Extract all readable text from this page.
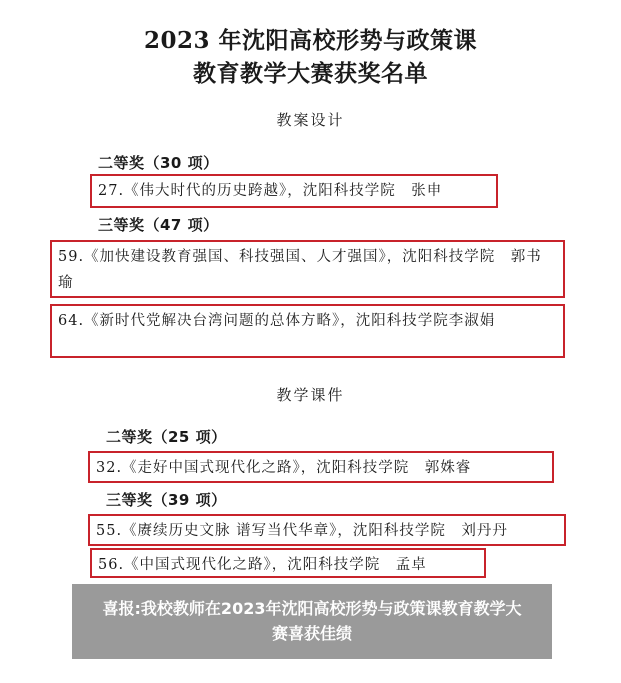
2023 年沈阳高校形势与政策课
教育教学大赛获奖名单
教案设计
二等奖（30 项）
27.《伟大时代的历史跨越》，沈阳科技学院　张申
三等奖（47 项）
59.《加快建设教育强国、科技强国、人才强国》，沈阳科技学院　郭书瑜
64.《新时代党解决台湾问题的总体方略》，沈阳科技学院李淑娟
教学课件
二等奖（25 项）
32.《走好中国式现代化之路》，沈阳科技学院　郭姝睿
三等奖（39 项）
55.《赓续历史文脉 谱写当代华章》，沈阳科技学院　刘丹丹
56.《中国式现代化之路》，沈阳科技学院　孟卓
喜报:我校教师在2023年沈阳高校形势与政策课教育教学大赛喜获佳绩
